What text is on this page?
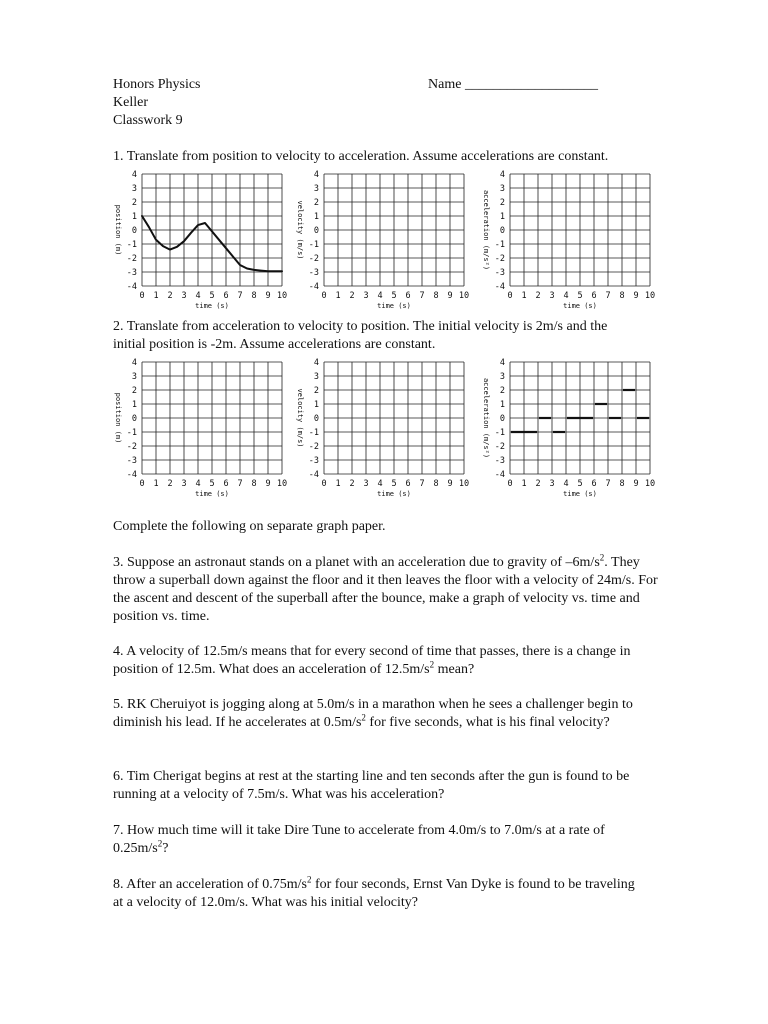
Honors Physics
Keller
Classwork 9
Name ___________________
1. Translate from position to velocity to acceleration. Assume accelerations are constant.
0 1 2 3 4 5 6 7 8 9 10
4
3
2
1
0
-1
-2
-3
-4
time (s)
position (m)
0 1 2 3 4 5 6 7 8 9 10
4
3
2
1
0
-1
-2
-3
-4
time (s)
velocity (m/s)
0 1 2 3 4 5 6 7 8 9 10
4
3
2
1
0
-1
-2
-3
-4
time (s)
acceleration (m/s²)
2. Translate from acceleration to velocity to position. The initial velocity is 2m/s and the
initial position is -2m. Assume accelerations are constant.
0 1 2 3 4 5 6 7 8 9 10
4
3
2
1
0
-1
-2
-3
-4
time (s)
position (m)
0 1 2 3 4 5 6 7 8 9 10
4
3
2
1
0
-1
-2
-3
-4
time (s)
velocity (m/s)
0 1 2 3 4 5 6 7 8 9 10
4
3
2
1
0
-1
-2
-3
-4
time (s)
acceleration (m/s²)
Complete the following on separate graph paper.
3. Suppose an astronaut stands on a planet with an acceleration due to gravity of $-6m/s^2$. They throw a superball down against the floor and it then leaves the floor with a velocity of 24m/s. For the ascent and descent of the superball after the bounce, make a graph of velocity vs. time and position vs. time.
4. A velocity of 12.5m/s means that for every second of time that passes, there is a change in position of 12.5m. What does an acceleration of $12.5m/s^2$ mean?
5. RK Cheruiyot is jogging along at 5.0m/s in a marathon when he sees a challenger begin to diminish his lead. If he accelerates at $0.5m/s^2$ for five seconds, what is his final velocity?
6. Tim Cherigat begins at rest at the starting line and ten seconds after the gun is found to be running at a velocity of 7.5m/s. What was his acceleration?
7. How much time will it take Dire Tune to accelerate from 4.0m/s to 7.0m/s at a rate of $0.25m/s^2$?
8. After an acceleration of $0.75m/s^2$ for four seconds, Ernst Van Dyke is found to be traveling at a velocity of 12.0m/s. What was his initial velocity?
